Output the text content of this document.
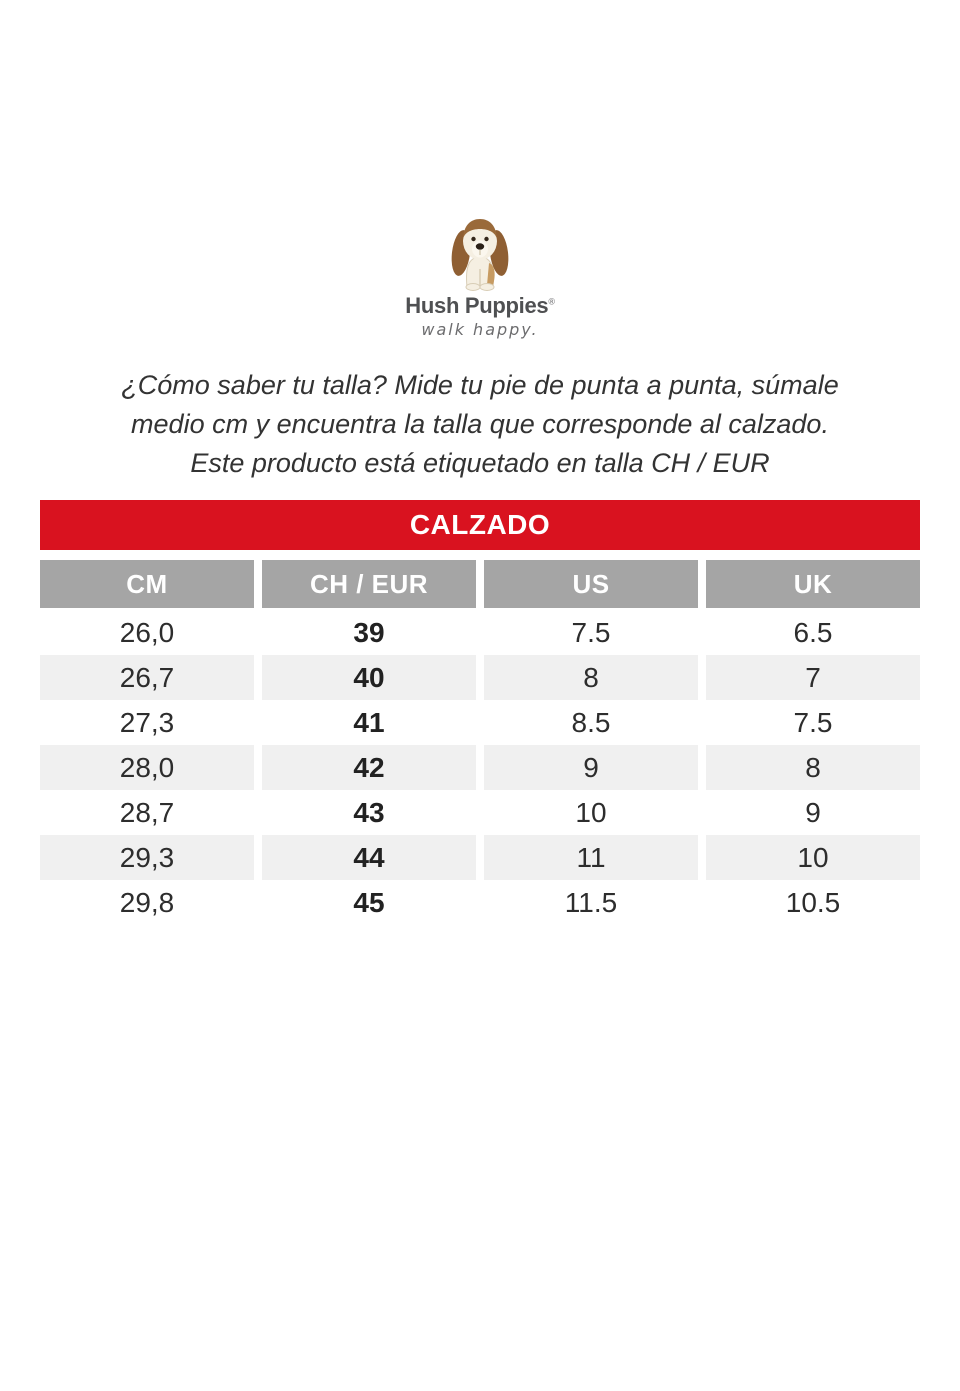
Hush Puppies®
walk happy.
¿Cómo saber tu talla? Mide tu pie de punta a punta, súmale
medio cm y encuentra la talla que corresponde al calzado.
Este producto está etiquetado en talla CH / EUR
CALZADO
CM	CH / EUR	US	UK
26,0	39	7.5	6.5
26,7	40	8	7
27,3	41	8.5	7.5
28,0	42	9	8
28,7	43	10	9
29,3	44	11	10
29,8	45	11.5	10.5
